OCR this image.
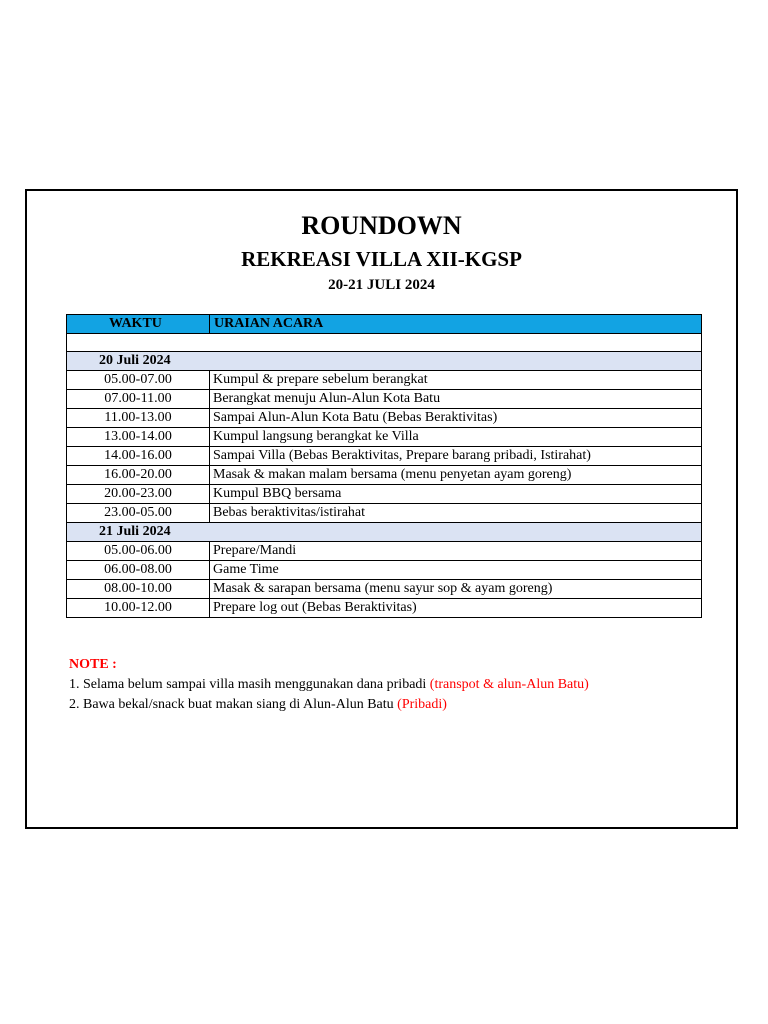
ROUNDOWN
REKREASI VILLA XII-KGSP
20-21 JULI 2024
WAKTU	URAIAN ACARA

20 Juli 2024	
05.00-07.00	Kumpul & prepare sebelum berangkat
07.00-11.00	Berangkat menuju Alun-Alun Kota Batu
11.00-13.00	Sampai Alun-Alun Kota Batu (Bebas Beraktivitas)
13.00-14.00	Kumpul langsung berangkat ke Villa
14.00-16.00	Sampai Villa (Bebas Beraktivitas, Prepare barang pribadi, Istirahat)
16.00-20.00	Masak & makan malam bersama (menu penyetan ayam goreng)
20.00-23.00	Kumpul BBQ bersama
23.00-05.00	Bebas beraktivitas/istirahat
21 Juli 2024	
05.00-06.00	Prepare/Mandi
06.00-08.00	Game Time
08.00-10.00	Masak & sarapan bersama (menu sayur sop & ayam goreng)
10.00-12.00	Prepare log out (Bebas Beraktivitas)
NOTE :
1. Selama belum sampai villa masih menggunakan dana pribadi (transpot & alun-Alun Batu)
2. Bawa bekal/snack buat makan siang di Alun-Alun Batu (Pribadi)
